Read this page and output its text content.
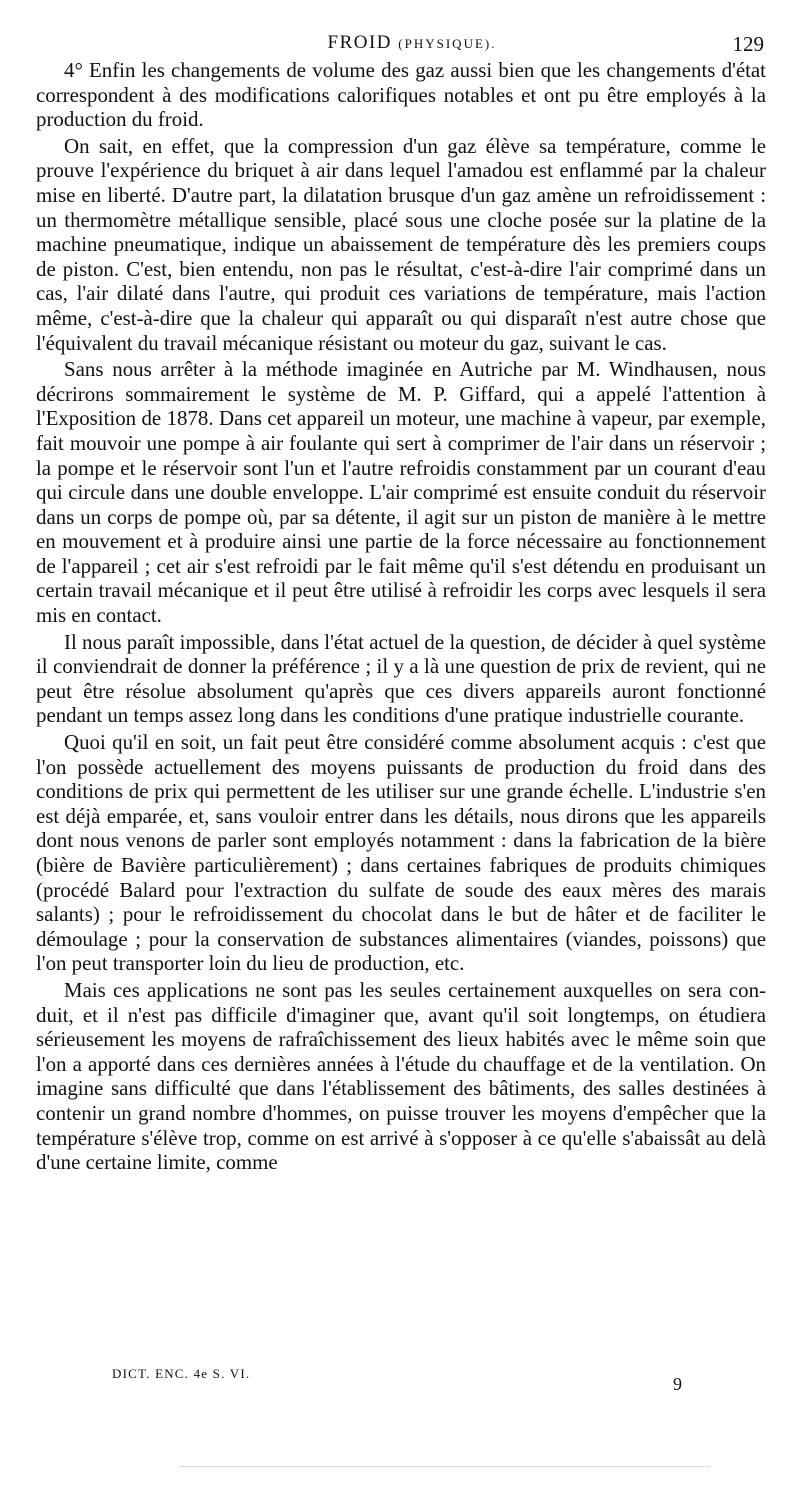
FROID (PHYSIQUE).	129

4° Enfin les changements de volume des gaz aussi bien que les changements d'état correspondent à des modifications calorifiques notables et ont pu être employés à la production du froid.

On sait, en effet, que la compression d'un gaz élève sa température, comme le prouve l'expérience du briquet à air dans lequel l'amadou est enflammé par la chaleur mise en liberté. D'autre part, la dilatation brusque d'un gaz amène un refroidissement : un thermomètre métallique sensible, placé sous une cloche posée sur la platine de la machine pneumatique, indique un abaissement de température dès les premiers coups de piston. C'est, bien entendu, non pas le résultat, c'est-à-dire l'air comprimé dans un cas, l'air dilaté dans l'autre, qui produit ces variations de température, mais l'action même, c'est-à-dire que la chaleur qui apparaît ou qui disparaît n'est autre chose que l'équivalent du travail mécanique résistant ou moteur du gaz, suivant le cas.

Sans nous arrêter à la méthode imaginée en Autriche par M. Windhausen, nous décrirons sommairement le système de M. P. Giffard, qui a appelé l'attention à l'Exposition de 1878. Dans cet appareil un moteur, une machine à vapeur, par exemple, fait mouvoir une pompe à air foulante qui sert à comprimer de l'air dans un réservoir ; la pompe et le réservoir sont l'un et l'autre refroidis constamment par un courant d'eau qui circule dans une double enveloppe. L'air comprimé est ensuite conduit du réservoir dans un corps de pompe où, par sa détente, il agit sur un piston de manière à le mettre en mouvement et à produire ainsi une partie de la force nécessaire au fonctionnement de l'appareil ; cet air s'est refroidi par le fait même qu'il s'est détendu en produisant un certain travail mécanique et il peut être utilisé à refroidir les corps avec lesquels il sera mis en contact.

Il nous paraît impossible, dans l'état actuel de la question, de décider à quel système il conviendrait de donner la préférence ; il y a là une question de prix de revient, qui ne peut être résolue absolument qu'après que ces divers appareils auront fonctionné pendant un temps assez long dans les conditions d'une pratique industrielle courante.

Quoi qu'il en soit, un fait peut être considéré comme absolument acquis : c'est que l'on possède actuellement des moyens puissants de production du froid dans des conditions de prix qui permettent de les utiliser sur une grande échelle. L'industrie s'en est déjà emparée, et, sans vouloir entrer dans les détails, nous dirons que les appareils dont nous venons de parler sont employés notamment : dans la fabrication de la bière (bière de Bavière particulièrement) ; dans certaines fabriques de produits chimiques (procédé Balard pour l'extraction du sulfate de soude des eaux mères des marais salants) ; pour le refroidissement du chocolat dans le but de hâter et de faciliter le démoulage ; pour la conservation de substances alimentaires (viandes, poissons) que l'on peut transporter loin du lieu de production, etc.

Mais ces applications ne sont pas les seules certainement auxquelles on sera conduit, et il n'est pas difficile d'imaginer que, avant qu'il soit longtemps, on étudiera sérieusement les moyens de rafraîchissement des lieux habités avec le même soin que l'on a apporté dans ces dernières années à l'étude du chauffage et de la ventilation. On imagine sans difficulté que dans l'établissement des bâtiments, des salles destinées à contenir un grand nombre d'hommes, on puisse trouver les moyens d'empêcher que la température s'élève trop, comme on est arrivé à s'opposer à ce qu'elle s'abaissât au delà d'une certaine limite, comme

DICT. ENC. 4e S. VI.
9
